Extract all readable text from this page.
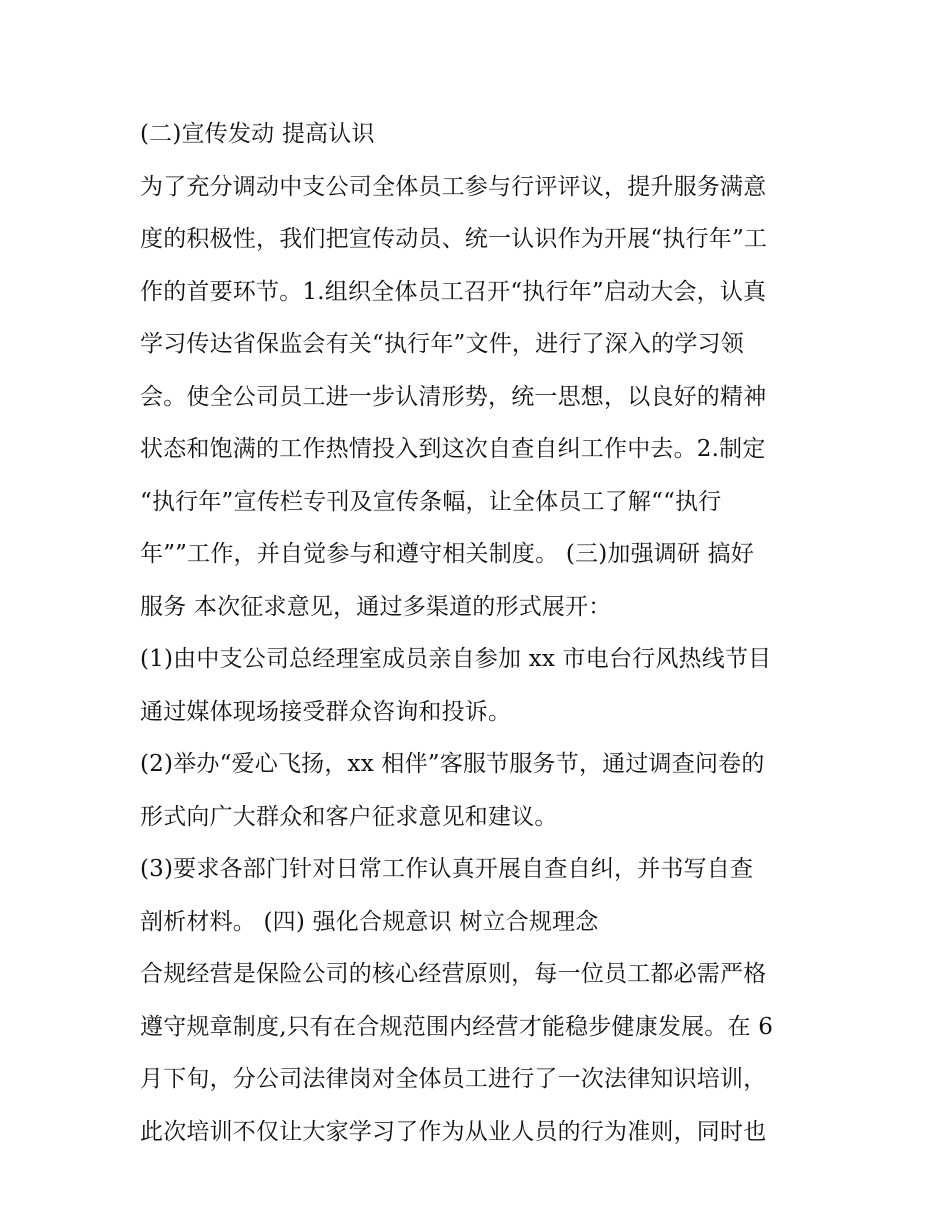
(二)宣传发动 提高认识
为了充分调动中支公司全体员工参与行评评议，提升服务满意
度的积极性，我们把宣传动员、统一认识作为开展“执行年”工
作的首要环节。1.组织全体员工召开“执行年”启动大会，认真
学习传达省保监会有关“执行年”文件，进行了深入的学习领
会。使全公司员工进一步认清形势，统一思想，以良好的精神
状态和饱满的工作热情投入到这次自查自纠工作中去。2.制定
“执行年”宣传栏专刊及宣传条幅，让全体员工了解““执行
年””工作，并自觉参与和遵守相关制度。 (三)加强调研 搞好
服务 本次征求意见，通过多渠道的形式展开：
(1)由中支公司总经理室成员亲自参加 xx 市电台行风热线节目
通过媒体现场接受群众咨询和投诉。
(2)举办“爱心飞扬，xx 相伴”客服节服务节，通过调查问卷的
形式向广大群众和客户征求意见和建议。
(3)要求各部门针对日常工作认真开展自查自纠，并书写自查
剖析材料。 (四) 强化合规意识 树立合规理念
合规经营是保险公司的核心经营原则，每一位员工都必需严格
遵守规章制度,只有在合规范围内经营才能稳步健康发展。在 6
月下旬，分公司法律岗对全体员工进行了一次法律知识培训，
此次培训不仅让大家学习了作为从业人员的行为准则，同时也
